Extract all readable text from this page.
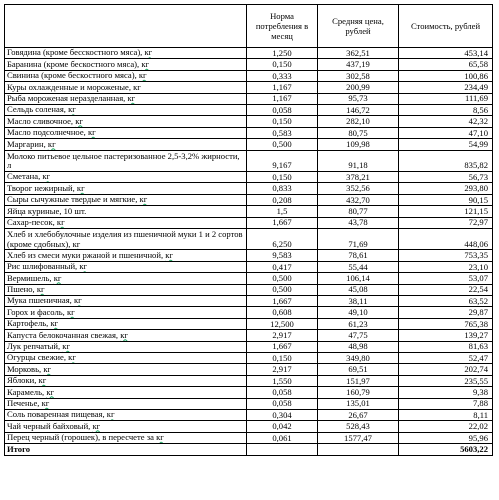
	Норма потребления в месяц	Средняя цена, рублей	Стоимость, рублей
Говядина (кроме бесскостного мяса), кг	1,250	362,51	453,14
Баранина (кроме бескостного мяса), кг	0,150	437,19	65,58
Свинина (кроме бескостного мяса), кг	0,333	302,58	100,86
Куры охлажденные и мороженые, кг	1,167	200,99	234,49
Рыба мороженая неразделанная, кг	1,167	95,73	111,69
Сельдь соленая, кг	0,058	146,72	8,56
Масло сливочное, кг	0,150	282,10	42,32
Масло подсолнечное, кг	0,583	80,75	47,10
Маргарин, кг	0,500	109,98	54,99
Молоко питьевое цельное пастеризованное 2,5-3,2% жирности, л	9,167	91,18	835,82
Сметана, кг	0,150	378,21	56,73
Творог нежирный, кг	0,833	352,56	293,80
Сыры сычужные твердые и мягкие, кг	0,208	432,70	90,15
Яйца куриные, 10 шт.	1,5	80,77	121,15
Сахар-песок, кг	1,667	43,78	72,97
Хлеб и хлебобулочные изделия из пшеничной муки 1 и 2 сортов (кроме сдобных), кг	6,250	71,69	448,06
Хлеб из смеси муки ржаной и пшеничной, кг	9,583	78,61	753,35
Рис шлифованный, кг	0,417	55,44	23,10
Вермишель, кг	0,500	106,14	53,07
Пшено, кг	0,500	45,08	22,54
Мука пшеничная, кг	1,667	38,11	63,52
Горох и фасоль, кг	0,608	49,10	29,87
Картофель, кг	12,500	61,23	765,38
Капуста белокочанная свежая, кг	2,917	47,75	139,27
Лук репчатый, кг	1,667	48,98	81,63
Огурцы свежие, кг	0,150	349,80	52,47
Морковь, кг	2,917	69,51	202,74
Яблоки, кг	1,550	151,97	235,55
Карамель, кг	0,058	160,79	9,38
Печенье, кг	0,058	135,01	7,88
Соль поваренная пищевая, кг	0,304	26,67	8,11
Чай черный байховый, кг	0,042	528,43	22,02
Перец черный (горошек), в пересчете за кг	0,061	1577,47	95,96
Итого			5603,22
